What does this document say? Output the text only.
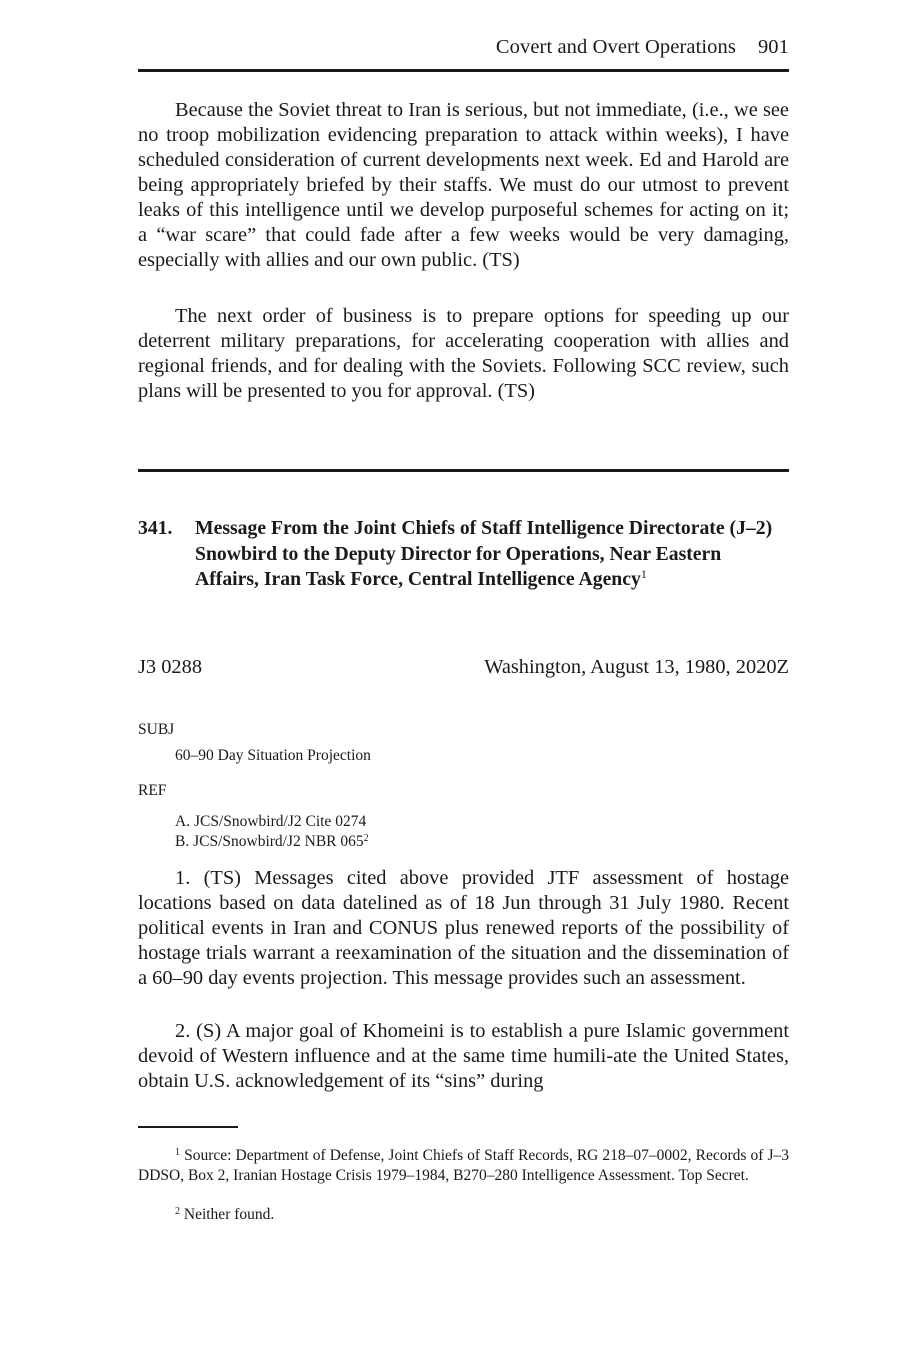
Covert and Overt Operations 901

Because the Soviet threat to Iran is serious, but not immediate, (i.e., we see no troop mobilization evidencing preparation to attack within weeks), I have scheduled consideration of current developments next week. Ed and Harold are being appropriately briefed by their staffs. We must do our utmost to prevent leaks of this intelligence until we develop purposeful schemes for acting on it; a “war scare” that could fade after a few weeks would be very damaging, especially with allies and our own public. (TS)

The next order of business is to prepare options for speeding up our deterrent military preparations, for accelerating cooperation with allies and regional friends, and for dealing with the Soviets. Following SCC review, such plans will be presented to you for approval. (TS)

341. Message From the Joint Chiefs of Staff Intelligence Directorate (J–2) Snowbird to the Deputy Director for Operations, Near Eastern Affairs, Iran Task Force, Central Intelligence Agency$^1$
J3 0288	Washington, August 13, 1980, 2020Z
SUBJ
60–90 Day Situation Projection
REF
A. JCS/Snowbird/J2 Cite 0274
B. JCS/Snowbird/J2 NBR 065$^2$

1. (TS) Messages cited above provided JTF assessment of hostage locations based on data datelined as of 18 Jun through 31 July 1980. Recent political events in Iran and CONUS plus renewed reports of the possibility of hostage trials warrant a reexamination of the situation and the dissemination of a 60–90 day events projection. This message provides such an assessment.

2. (S) A major goal of Khomeini is to establish a pure Islamic government devoid of Western influence and at the same time humili-ate the United States, obtain U.S. acknowledgement of its “sins” during

$^1$ Source: Department of Defense, Joint Chiefs of Staff Records, RG 218–07–0002, Records of J–3 DDSO, Box 2, Iranian Hostage Crisis 1979–1984, B270–280 Intelligence Assessment. Top Secret.

$^2$ Neither found.
